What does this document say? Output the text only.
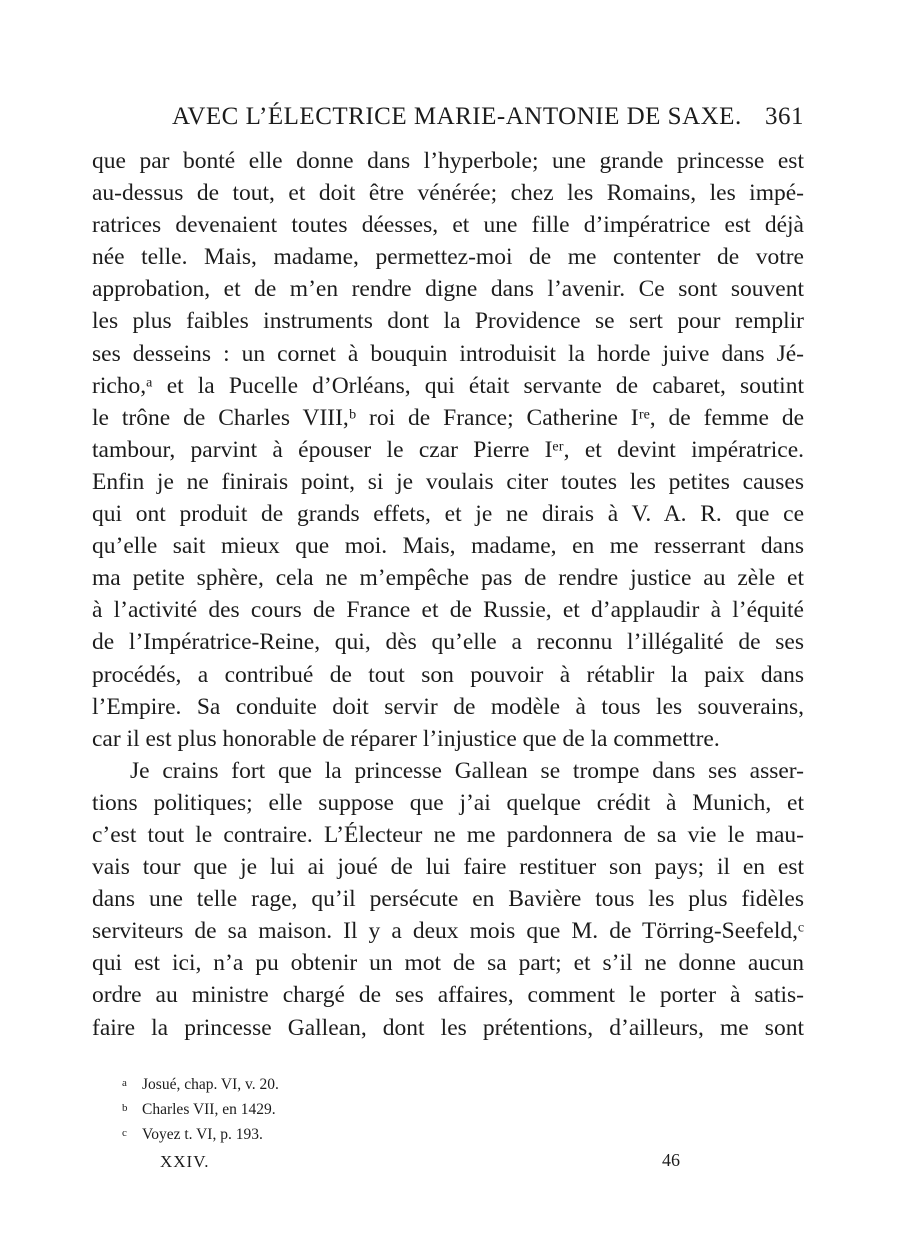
AVEC L’ÉLECTRICE MARIE-ANTONIE DE SAXE. 361
que par bonté elle donne dans l’hyperbole; une grande princesse est
au-dessus de tout, et doit être vénérée; chez les Romains, les impé-
ratrices devenaient toutes déesses, et une fille d’impératrice est déjà
née telle. Mais, madame, permettez-moi de me contenter de votre
approbation, et de m’en rendre digne dans l’avenir. Ce sont souvent
les plus faibles instruments dont la Providence se sert pour remplir
ses desseins : un cornet à bouquin introduisit la horde juive dans Jé-
richo,ᵃ et la Pucelle d’Orléans, qui était servante de cabaret, soutint
le trône de Charles VIII,ᵇ roi de France; Catherine Iʳᵉ, de femme de
tambour, parvint à épouser le czar Pierre Iᵉʳ, et devint impératrice.
Enfin je ne finirais point, si je voulais citer toutes les petites causes
qui ont produit de grands effets, et je ne dirais à V. A. R. que ce
qu’elle sait mieux que moi. Mais, madame, en me resserrant dans
ma petite sphère, cela ne m’empêche pas de rendre justice au zèle et
à l’activité des cours de France et de Russie, et d’applaudir à l’équité
de l’Impératrice-Reine, qui, dès qu’elle a reconnu l’illégalité de ses
procédés, a contribué de tout son pouvoir à rétablir la paix dans
l’Empire. Sa conduite doit servir de modèle à tous les souverains,
car il est plus honorable de réparer l’injustice que de la commettre.
Je crains fort que la princesse Gallean se trompe dans ses asser-
tions politiques; elle suppose que j’ai quelque crédit à Munich, et
c’est tout le contraire. L’Électeur ne me pardonnera de sa vie le mau-
vais tour que je lui ai joué de lui faire restituer son pays; il en est
dans une telle rage, qu’il persécute en Bavière tous les plus fidèles
serviteurs de sa maison. Il y a deux mois que M. de Törring-Seefeld,ᶜ
qui est ici, n’a pu obtenir un mot de sa part; et s’il ne donne aucun
ordre au ministre chargé de ses affaires, comment le porter à satis-
faire la princesse Gallean, dont les prétentions, d’ailleurs, me sont
a Josué, chap. VI, v. 20.
b Charles VII, en 1429.
c Voyez t. VI, p. 193.
XXIV.	46
